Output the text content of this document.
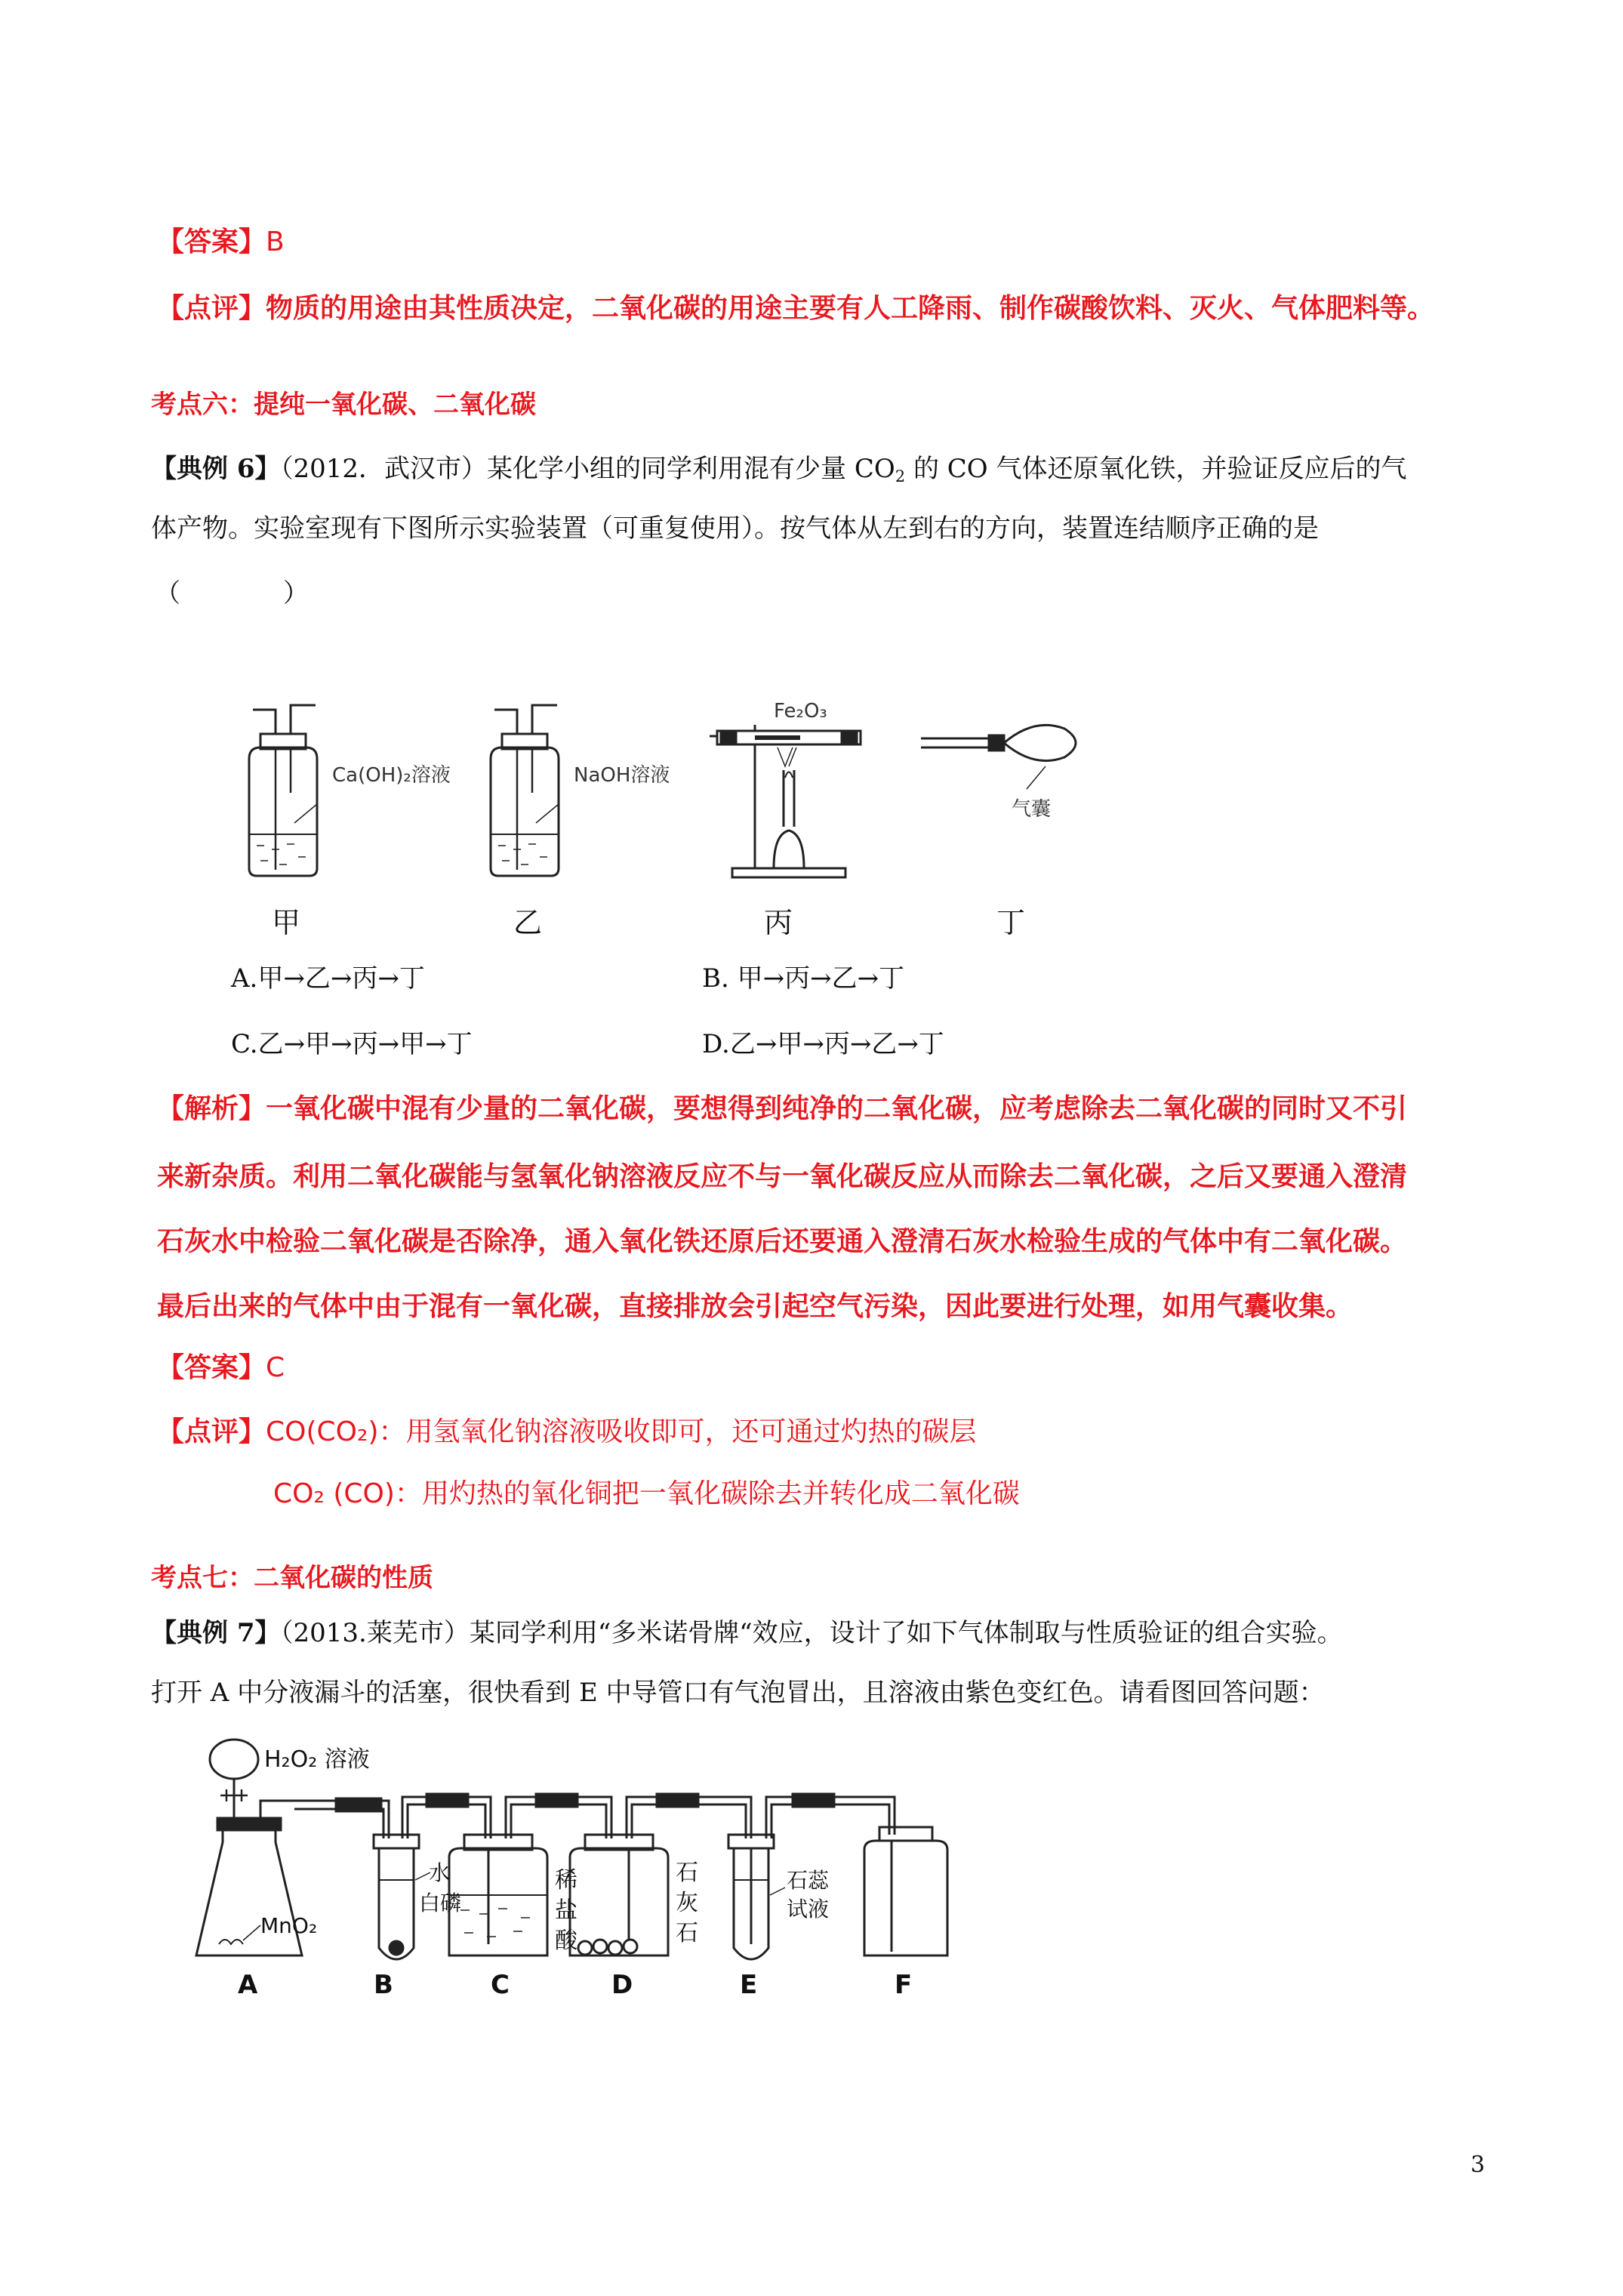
【答案】B
【点评】物质的用途由其性质决定，二氧化碳的用途主要有人工降雨、制作碳酸饮料、灭火、气体肥料等。
考点六：提纯一氧化碳、二氧化碳
【典例 6】（2012．武汉市）某化学小组的同学利用混有少量 $CO_2$ 的 CO 气体还原氧化铁，并验证反应后的气
体产物。实验室现有下图所示实验装置（可重复使用）。按气体从左到右的方向，装置连结顺序正确的是
（　　　　）
Ca(OH)₂溶液	NaOH溶液
Fe₂O₃
气囊
甲	乙	丙	丁
A.甲→乙→丙→丁	B. 甲→丙→乙→丁
C.乙→甲→丙→甲→丁	D.乙→甲→丙→乙→丁
【解析】一氧化碳中混有少量的二氧化碳，要想得到纯净的二氧化碳，应考虑除去二氧化碳的同时又不引
来新杂质。利用二氧化碳能与氢氧化钠溶液反应不与一氧化碳反应从而除去二氧化碳，之后又要通入澄清
石灰水中检验二氧化碳是否除净，通入氧化铁还原后还要通入澄清石灰水检验生成的气体中有二氧化碳。
最后出来的气体中由于混有一氧化碳，直接排放会引起空气污染，因此要进行处理，如用气囊收集。
【答案】C
【点评】CO(CO₂)：用氢氧化钠溶液吸收即可，还可通过灼热的碳层
CO₂ (CO)：用灼热的氧化铜把一氧化碳除去并转化成二氧化碳
考点七：二氧化碳的性质
【典例 7】（2013.莱芜市）某同学利用“多米诺骨牌“效应，设计了如下气体制取与性质验证的组合实验。
打开 A 中分液漏斗的活塞，很快看到 E 中导管口有气泡冒出，且溶液由紫色变红色。请看图回答问题：
H₂O₂ 溶液
MnO₂
水
白磷
稀
盐
酸
石
灰
石
石蕊
试液
A	B	C	D	E	F
3
